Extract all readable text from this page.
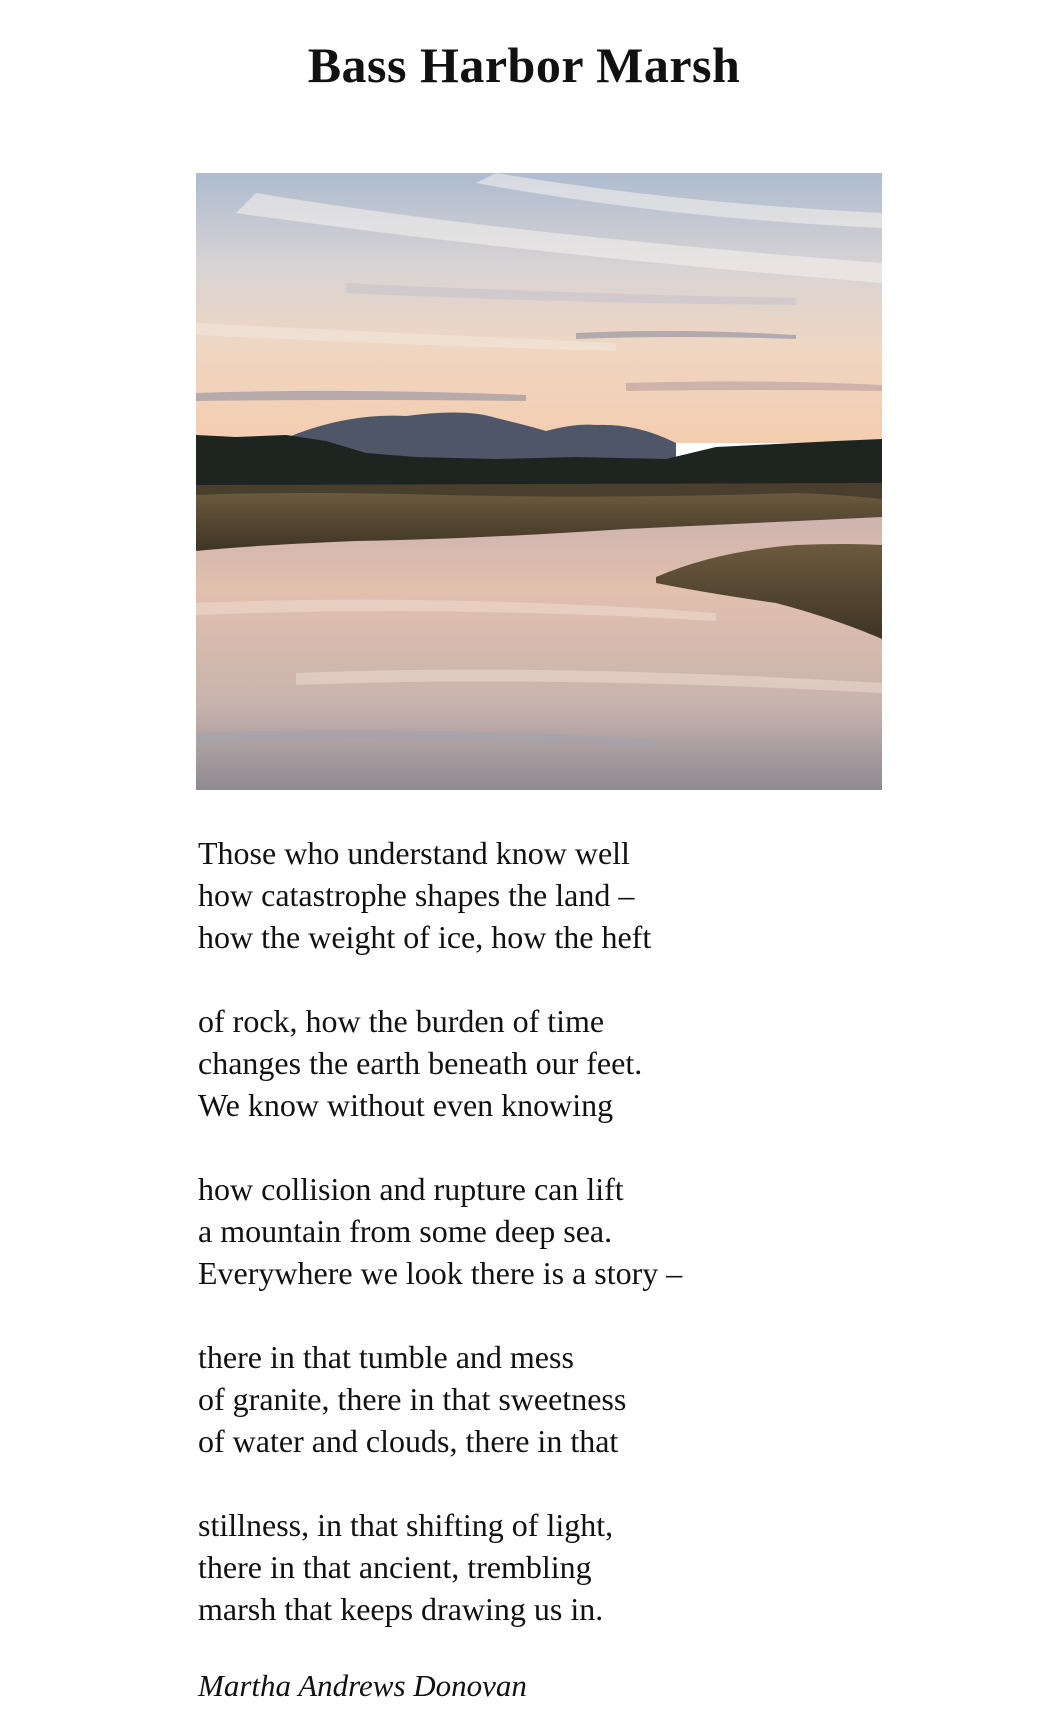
Bass Harbor Marsh
Those who understand know well
how catastrophe shapes the land –
how the weight of ice, how the heft
of rock, how the burden of time
changes the earth beneath our feet.
We know without even knowing
how collision and rupture can lift
a mountain from some deep sea.
Everywhere we look there is a story –
there in that tumble and mess
of granite, there in that sweetness
of water and clouds, there in that
stillness, in that shifting of light,
there in that ancient, trembling
marsh that keeps drawing us in.
Martha Andrews Donovan
